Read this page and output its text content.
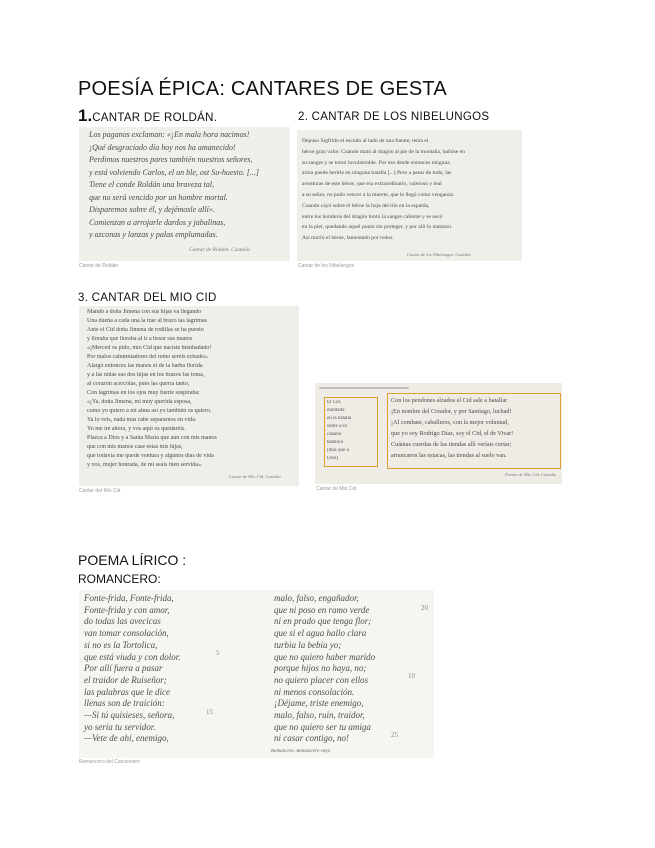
POESÍA ÉPICA: CANTARES DE GESTA
1.CANTAR DE ROLDÁN.	2. CANTAR DE LOS NIBELUNGOS
Los paganos exclaman: «¡En mala hora nacimos!
¡Qué desgraciado día hoy nos ha amanecido!
Perdimos nuestros pares también nuestros señores,
y está volviendo Carlos, el un ble, ost Su-huesto. [...]
Tiene el conde Roldán una braveza tal,
que no será vencido por un hombre mortal.
Disparemos sobre él, y dejémosle allí».
Comienzan a arrojarle dardos y jabalinas,
y azconas y lanzas y palas emplumadas.
Cantar de Roldán. Castalia
Cantar de Roldán
Depuso Sigfrido el escudo al lado de una fuente; tenía el
héroe gran valor. Cuando mató al dragón al pie de la montaña, bañóse en
su sangre y se tornó invulnerable. Por eso desde entonces ninguna
arma puede herirle en ninguna batalla [...] Pero a pesar de todo, las
aventuras de este héroe, que era extraordinario, valeroso y leal
a su señor, no pudo vencer a la muerte, que le llegó como venganza.
Cuando cayó sobre el héroe la hoja del tilo en la espalda,
entre los hombros del dragón brotó la sangre caliente y se secó
en la piel, quedando aquel punto sin proteger, y por allí lo mataron.
Así murió el héroe, lamentado por todos.
Cantar de los Nibelungos. Castalia
Cantar de los Nibelungos
3. CANTAR DEL MIO CID
Mandó a doña Jimena con sus hijas va llegando
Una dueña a cada una la trae al brazo las lágrimas
Ante el Cid doña Jimena de rodillas se ha puesto
y lloraba que lloraba al ir a besar sus manos
«¡Merced os pido, mío Cid que naciste bienhadado!
Por malos calumniadores del reino seréis echado».
Alargó entonces las manos el de la barba florida
y a las niñas sus dos hijas en los brazos las toma,
al corazón acercólas, pues las quería tanto,
Con lágrimas en los ojos muy fuerte suspiraba:
«¡Ya, doña Jimena, mi muy querida esposa,
como yo quiero a mi alma así yo también os quiero.
Ya lo veis, nada más cabe separarnos en vida.
Yo me iré ahora, y vos aquí os quedaréis.
Plazca a Dios y a Santa María que aún con mis manos
que con mis manos case estas mis hijas,
que todavía me quede ventura y algunos días de vida
y vos, mujer honrada, de mí seáis bien servida».
Cantar de Mio Cid. Castalia
Cantar del Mio Cid
El Cid,
montado
en la batalla
sobre a su
caballo
Babieca
(más que a
Dios)
Con los pendones alzados el Cid sale a batallar
¡En nombre del Creador, y por Santiago, luchad!
¡Al combate, caballeros, con la mejor voluntad,
que yo soy Rodrigo Díaz, soy el Cid, el de Vivar!
Cuántas cuerdas de las tiendas allí veríais cortar;
arrancaron las estacas, las tiendas al suelo van.
Poema de Mio Cid. Castalia
Cantar de Mio Cid
POEMA LÍRICO :
ROMANCERO:
Fonte-frida, Fonte-frida,
Fonte-frida y con amor,
do todas las avecicas
van tomar consolación,
si no es la Tortolica,
que está viuda y con dolor.
Por allí fuera a pasar
el traidor de Ruiseñor;
las palabras que le dice
llenas son de traición:
—Si tú quisieses, señora,
yo sería tu servidor.
—Vete de ahí, enemigo,
malo, falso, engañador,
que ni poso en ramo verde
ni en prado que tenga flor;
que si el agua hallo clara
turbia la bebía yo;
que no quiero haber marido
porque hijos no haya, no;
no quiero placer con ellos
ni menos consolación.
¡Déjame, triste enemigo,
malo, falso, ruin, traidor,
que no quiero ser tu amiga
ni casar contigo, no!
5
15
10
20
25
Romancero. Romancero viejo
Romancero del Cancionero
